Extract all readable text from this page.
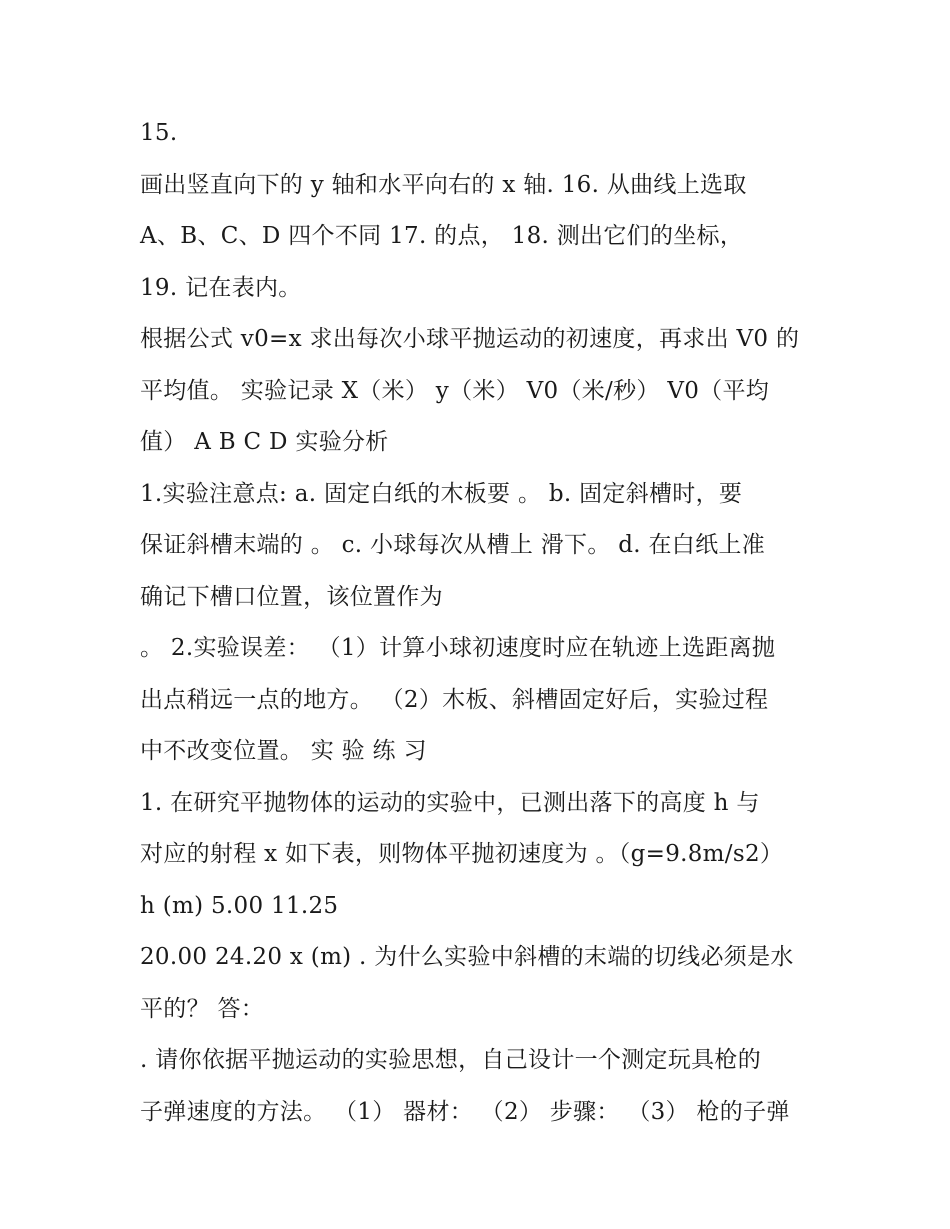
15.
画出竖直向下的 y 轴和水平向右的 x 轴. 16. 从曲线上选取
A、B、C、D 四个不同 17. 的点， 18. 测出它们的坐标，
19. 记在表内。
根据公式 v0=x 求出每次小球平抛运动的初速度，再求出 V0 的
平均值。 实验记录 X（米） y（米） V0（米/秒） V0（平均
值） A B C D 实验分析
1.实验注意点: a. 固定白纸的木板要 。 b. 固定斜槽时，要
保证斜槽末端的 。 c. 小球每次从槽上 滑下。 d. 在白纸上准
确记下槽口位置，该位置作为
。 2.实验误差： （1）计算小球初速度时应在轨迹上选距离抛
出点稍远一点的地方。 （2）木板、斜槽固定好后，实验过程
中不改变位置。 实 验 练 习
1. 在研究平抛物体的运动的实验中，已测出落下的高度 h 与
对应的射程 x 如下表，则物体平抛初速度为 。（g=9.8m/s2）
h (m) 5.00 11.25
20.00 24.20 x (m) . 为什么实验中斜槽的末端的切线必须是水
平的？ 答：
. 请你依据平抛运动的实验思想，自己设计一个测定玩具枪的
子弹速度的方法。 （1） 器材： （2） 步骤： （3） 枪的子弹
